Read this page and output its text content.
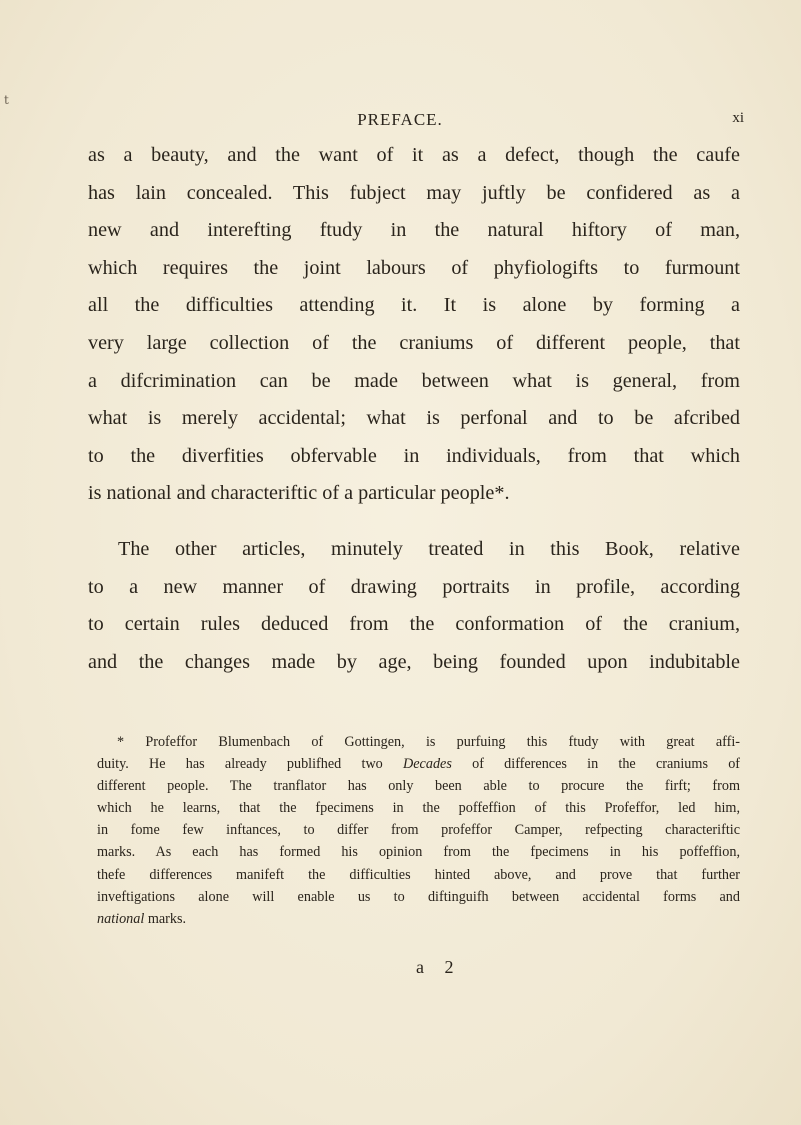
t
PREFACE.	xi
as a beauty, and the want of it as a defect, though the caufe
has lain concealed. This fubject may juftly be confidered as a
new and interefting ftudy in the natural hiftory of man,
which requires the joint labours of phyfiologifts to furmount
all the difficulties attending it. It is alone by forming a
very large collection of the craniums of different people, that
a difcrimination can be made between what is general, from
what is merely accidental; what is perfonal and to be afcribed
to the diverfities obfervable in individuals, from that which
is national and characteriftic of a particular people*.
The other articles, minutely treated in this Book, relative
to a new manner of drawing portraits in profile, according
to certain rules deduced from the conformation of the cranium,
and the changes made by age, being founded upon indubitable
* Profeffor Blumenbach of Gottingen, is purfuing this ftudy with great affi-
duity. He has already publifhed two Decades of differences in the craniums of
different people. The tranflator has only been able to procure the firft; from
which he learns, that the fpecimens in the poffeffion of this Profeffor, led him,
in fome few inftances, to differ from profeffor Camper, refpecting characteriftic
marks. As each has formed his opinion from the fpecimens in his poffeffion,
thefe differences manifeft the difficulties hinted above, and prove that further
inveftigations alone will enable us to diftinguifh between accidental forms and
national marks.
a 2
